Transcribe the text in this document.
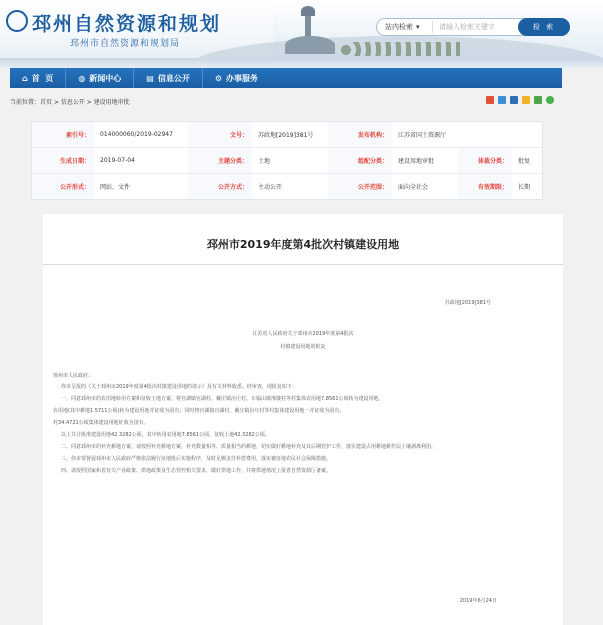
邳州自然资源和规划
邳州市自然资源和规划局
站内检索 ▾
请输入检索关键字	检 索
⌂ 首  页	◍ 新闻中心	▤ 信息公开	⚙ 办事服务
当前位置：首页 > 信息公开 > 建设用地审批
索引号：	014000060/2019-02947	文号：	苏政地[2019]381号	发布机构：	江苏省国土资源厅		
生成日期：	2019-07-04	主题分类：	土地	组配分类：	建设用地审批	体裁分类：	批复
公开形式：	网站、文件	公开方式：	主动公开	公开范围：	面向全社会	有效期限：	长期
邳州市2019年度第4批次村镇建设用地
苏政地[2019]381号
江苏省人民政府关于邳州市2019年度第4批次
村镇建设用地的批复
徐州市人民政府：
你市呈报的《关于邳州市2019年度第4批次村镇建设用地的请示》及有关材料收悉。经审查，现批复如下：
一、同意邳州市的农用地转用方案和征收土地方案。将官湖镇官湖村、戴庄镇汾庄村、车辐山镇邢楼村等村集体农用地7.8561公顷转为建设用地，
农用地(其中耕地1.5711公顷)转为建设用地并征收为国有；同时将官湖镇官湖村、戴庄镇汾庄村等村集体建设用地一并征收为国有。
村34.4721公顷集体建设用地征收为国有。
以上共计批准建设用地42.3282公顷，其中转用农用地7.8561公顷，征收土地42.3282公顷。
二、同意邳州市的补充耕地方案。请按照补充耕地方案，补充数量相等、质量相当的耕地，切实做好耕地补充及其后期管护工作，落实建设占用耕地耕作层土壤剥离利用。
三、你市要督促邳州市人民政府严格依法履行征地批后实施程序，及时足额支付补偿费用，落实被征地农民社会保障措施。
四、请按照国家和省有关产业政策、供地政策及生态管控相关要求，做好供地工作，并将供地情况上报省自然资源厅备案。
2019年6月24日
